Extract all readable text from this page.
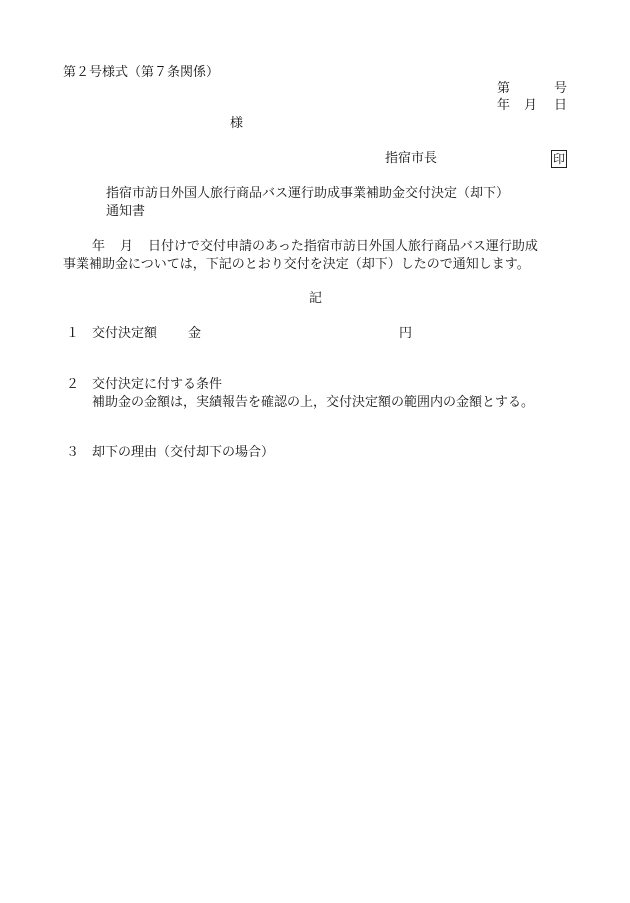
第２号様式（第７条関係）
第	号
年 月 日
様
指宿市長	印
指宿市訪日外国人旅行商品バス運行助成事業補助金交付決定（却下）
通知書
年 月 日付けで交付申請のあった指宿市訪日外国人旅行商品バス運行助成
事業補助金については，下記のとおり交付を決定（却下）したので通知します。
記
１ 交付決定額 金	円
２ 交付決定に付する条件
補助金の金額は，実績報告を確認の上，交付決定額の範囲内の金額とする。
３ 却下の理由（交付却下の場合）
